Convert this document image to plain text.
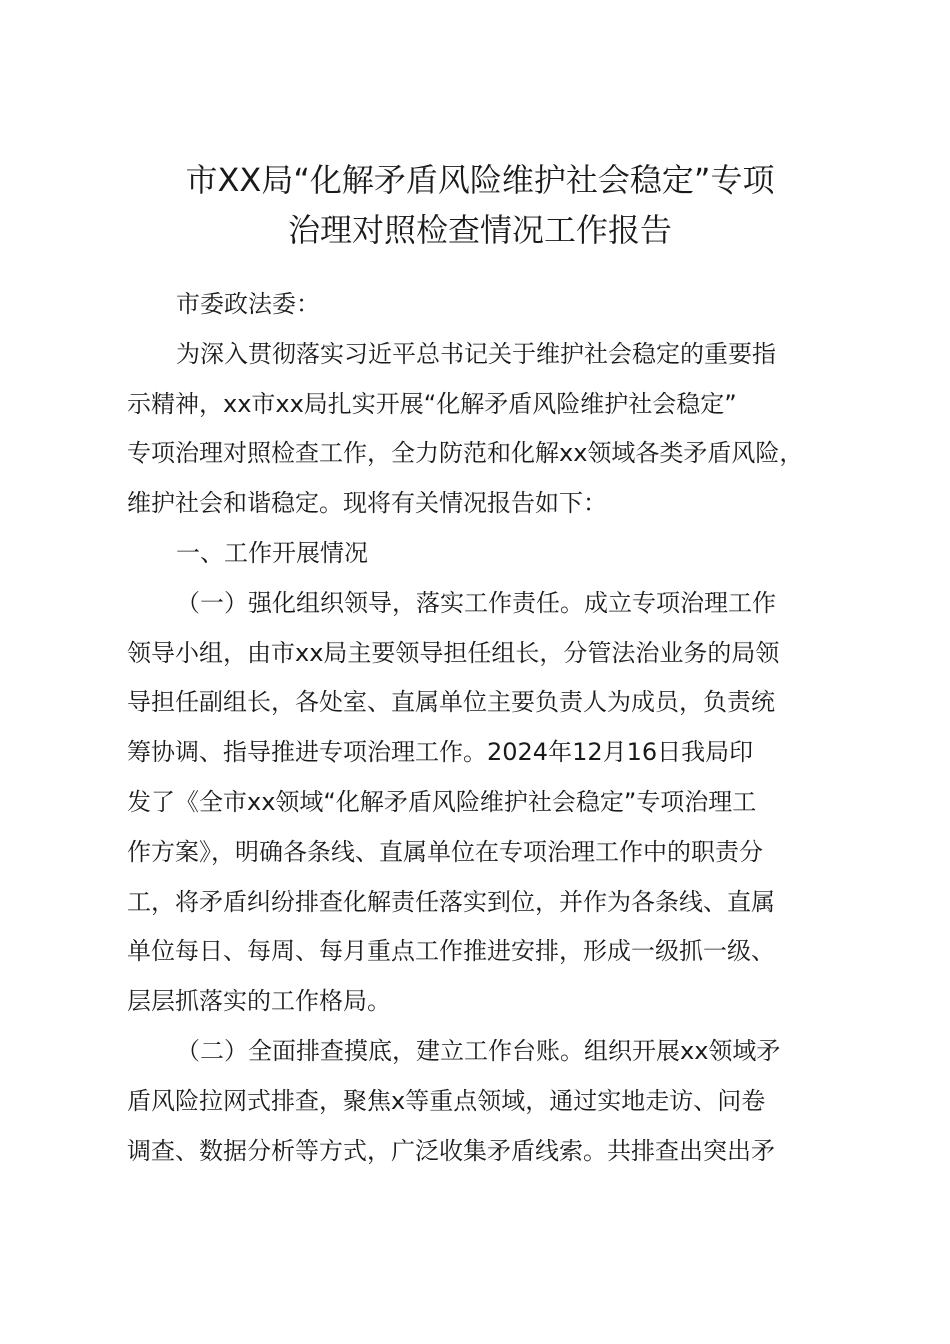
市XX局“化解矛盾风险维护社会稳定”专项
治理对照检查情况工作报告
市委政法委：
为深入贯彻落实习近平总书记关于维护社会稳定的重要指
示精神，xx市xx局扎实开展“化解矛盾风险维护社会稳定”
专项治理对照检查工作，全力防范和化解xx领域各类矛盾风险，
维护社会和谐稳定。现将有关情况报告如下：
一、工作开展情况
（一）强化组织领导，落实工作责任。成立专项治理工作
领导小组，由市xx局主要领导担任组长，分管法治业务的局领
导担任副组长，各处室、直属单位主要负责人为成员，负责统
筹协调、指导推进专项治理工作。2024年12月16日我局印
发了《全市xx领域“化解矛盾风险维护社会稳定”专项治理工
作方案》，明确各条线、直属单位在专项治理工作中的职责分
工，将矛盾纠纷排查化解责任落实到位，并作为各条线、直属
单位每日、每周、每月重点工作推进安排，形成一级抓一级、
层层抓落实的工作格局。
（二）全面排查摸底，建立工作台账。组织开展xx领域矛
盾风险拉网式排查，聚焦x等重点领域，通过实地走访、问卷
调查、数据分析等方式，广泛收集矛盾线索。共排查出突出矛
